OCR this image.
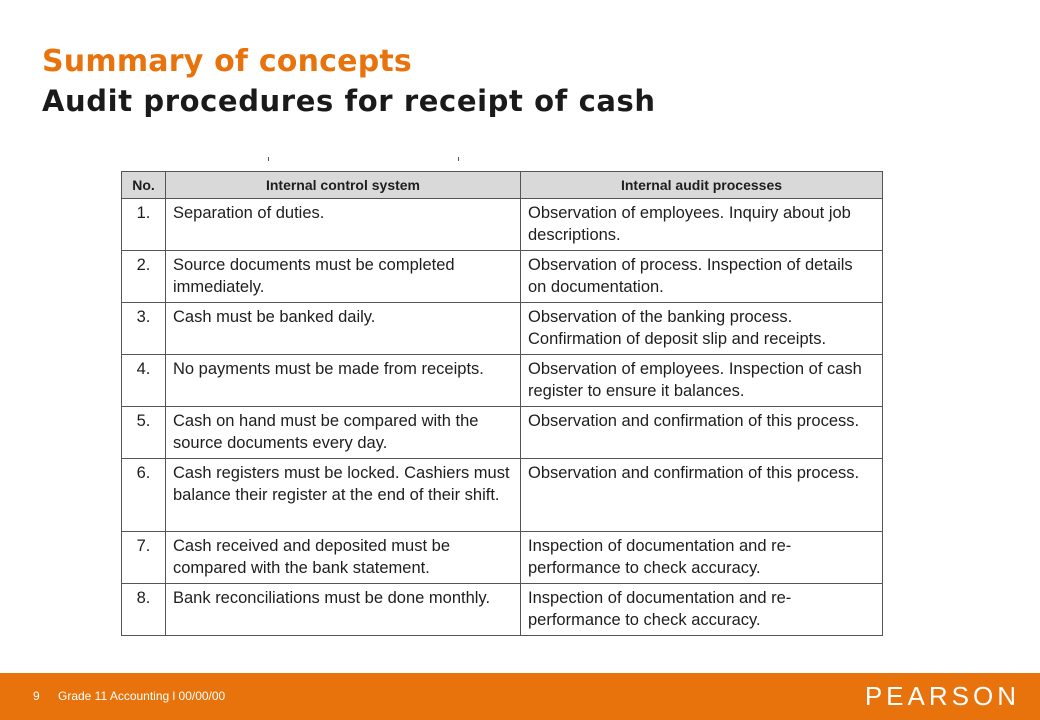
Summary of concepts
Audit procedures for receipt of cash
No.	Internal control system	Internal audit processes
1.	Separation of duties.	Observation of employees. Inquiry about job descriptions.
2.	Source documents must be completed immediately.	Observation of process. Inspection of details on documentation.
3.	Cash must be banked daily.	Observation of the banking process. Confirmation of deposit slip and receipts.
4.	No payments must be made from receipts.	Observation of employees. Inspection of cash register to ensure it balances.
5.	Cash on hand must be compared with the source documents every day.	Observation and confirmation of this process.
6.	Cash registers must be locked. Cashiers must balance their register at the end of their shift.	Observation and confirmation of this process.
7.	Cash received and deposited must be compared with the bank statement.	Inspection of documentation and re-performance to check accuracy.
8.	Bank reconciliations must be done monthly.	Inspection of documentation and re-performance to check accuracy.
9 Grade 11 Accounting l 00/00/00	PEARSON
